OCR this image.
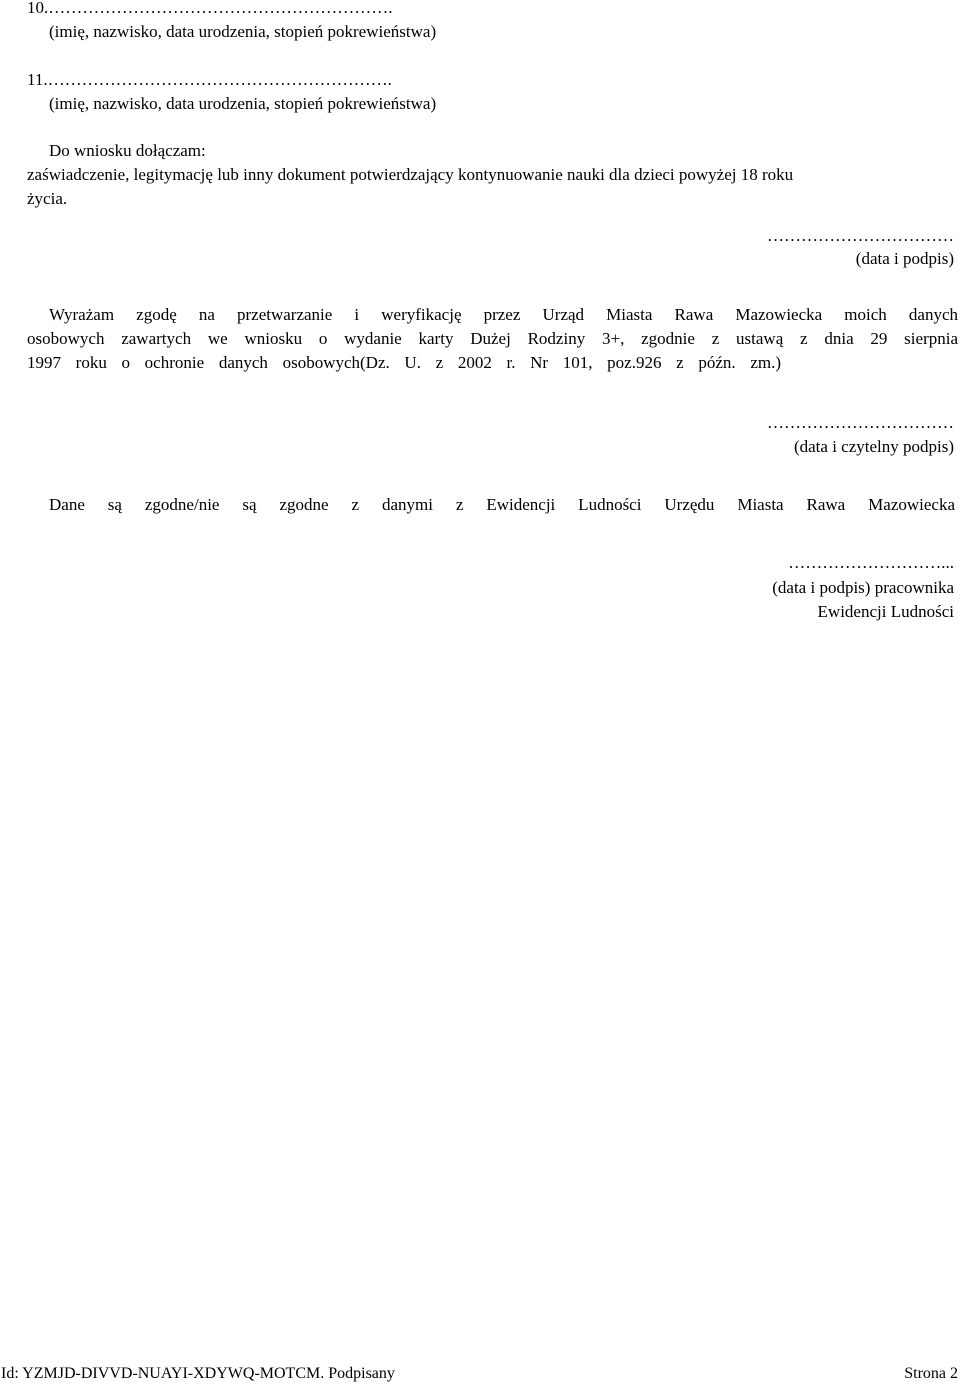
10.…………………………………………………….
(imię, nazwisko, data urodzenia, stopień pokrewieństwa)
11.…………………………………………………….
(imię, nazwisko, data urodzenia, stopień pokrewieństwa)
Do wniosku dołączam:
zaświadczenie, legitymację lub inny dokument potwierdzający kontynuowanie nauki dla dzieci powyżej 18 roku
życia.
……………………………
(data i podpis)
Wyrażam zgodę na przetwarzanie i weryfikację przez Urząd Miasta Rawa Mazowiecka moich danych
osobowych zawartych we wniosku o wydanie karty Dużej Rodziny 3+, zgodnie z ustawą z dnia 29 sierpnia
1997 roku o ochronie danych osobowych(Dz. U. z 2002 r. Nr 101, poz.926 z późn. zm.)
……………………………
(data i czytelny podpis)
Dane są zgodne/nie są zgodne z danymi z Ewidencji Ludności Urzędu Miasta Rawa Mazowiecka
………………………...
(data i podpis) pracownika
Ewidencji Ludności
Id: YZMJD-DIVVD-NUAYI-XDYWQ-MOTCM. Podpisany	Strona 2
